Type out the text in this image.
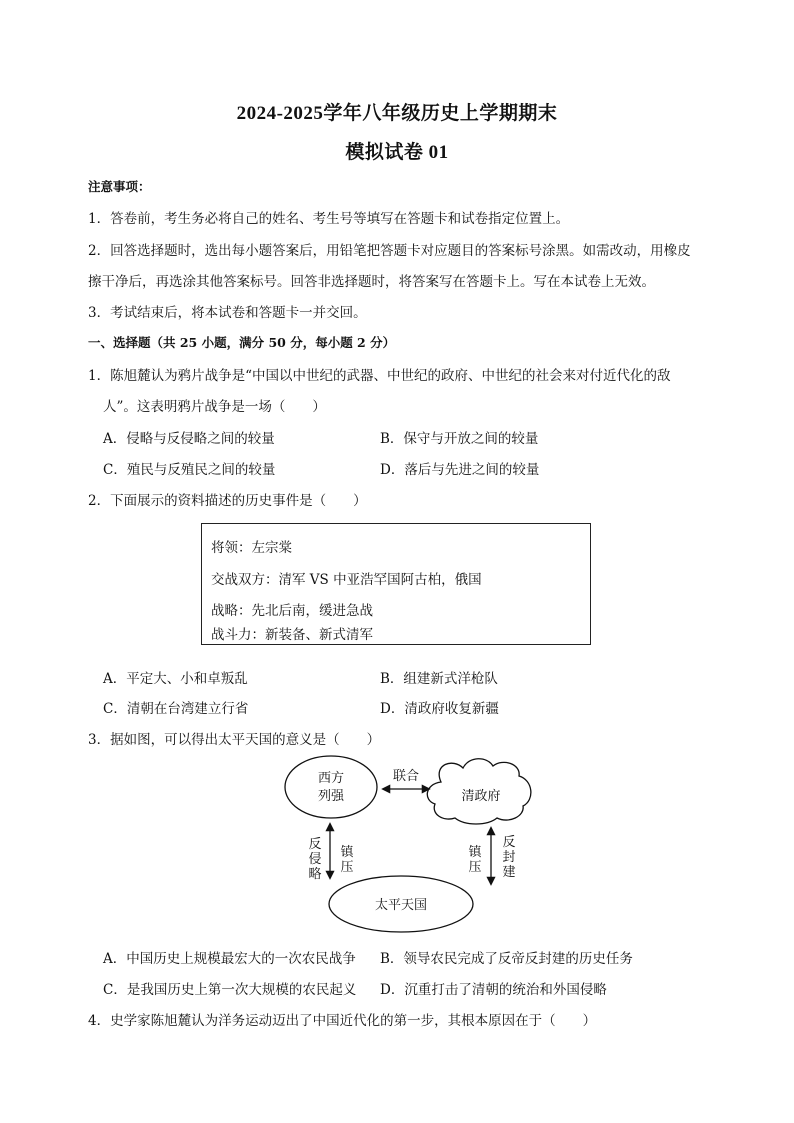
2024-2025学年八年级历史上学期期末
模拟试卷 01
注意事项：
1．答卷前，考生务必将自己的姓名、考生号等填写在答题卡和试卷指定位置上。
2．回答选择题时，选出每小题答案后，用铅笔把答题卡对应题目的答案标号涂黑。如需改动，用橡皮
擦干净后，再选涂其他答案标号。回答非选择题时，将答案写在答题卡上。写在本试卷上无效。
3．考试结束后，将本试卷和答题卡一并交回。
一、选择题（共 25 小题，满分 50 分，每小题 2 分）
1．陈旭麓认为鸦片战争是“中国以中世纪的武器、中世纪的政府、中世纪的社会来对付近代化的敌
人”。这表明鸦片战争是一场（　　）
A．侵略与反侵略之间的较量	B．保守与开放之间的较量
C．殖民与反殖民之间的较量	D．落后与先进之间的较量
2．下面展示的资料描述的历史事件是（　　）
将领：左宗棠
交战双方：清军 VS 中亚浩罕国阿古柏，俄国
战略：先北后南，缓进急战
战斗力：新装备、新式清军
A．平定大、小和卓叛乱	B．组建新式洋枪队
C．清朝在台湾建立行省	D．清政府收复新疆
3．据如图，可以得出太平天国的意义是（　　）
西方
列强	清政府
联合
太平天国
反
侵
略
镇
压
镇
压
反
封
建
A．中国历史上规模最宏大的一次农民战争 B．领导农民完成了反帝反封建的历史任务
C．是我国历史上第一次大规模的农民起义 D．沉重打击了清朝的统治和外国侵略
4．史学家陈旭麓认为洋务运动迈出了中国近代化的第一步，其根本原因在于（　　）
